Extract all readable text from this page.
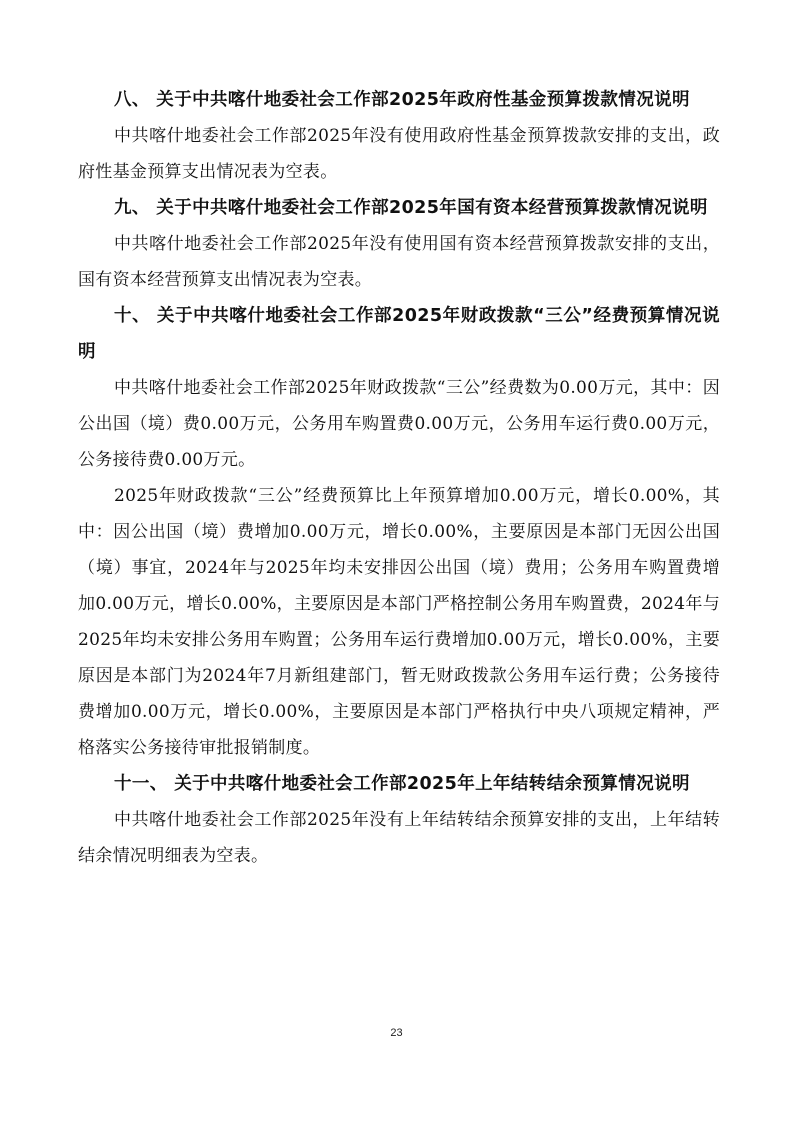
八、 关于中共喀什地委社会工作部2025年政府性基金预算拨款情况说明

中共喀什地委社会工作部2025年没有使用政府性基金预算拨款安排的支出，政府性基金预算支出情况表为空表。

九、 关于中共喀什地委社会工作部2025年国有资本经营预算拨款情况说明

中共喀什地委社会工作部2025年没有使用国有资本经营预算拨款安排的支出，国有资本经营预算支出情况表为空表。

十、 关于中共喀什地委社会工作部2025年财政拨款“三公”经费预算情况说明

中共喀什地委社会工作部2025年财政拨款“三公”经费数为0.00万元，其中：因公出国（境）费0.00万元，公务用车购置费0.00万元，公务用车运行费0.00万元，公务接待费0.00万元。

2025年财政拨款“三公”经费预算比上年预算增加0.00万元，增长0.00%，其中：因公出国（境）费增加0.00万元，增长0.00%，主要原因是本部门无因公出国（境）事宜，2024年与2025年均未安排因公出国（境）费用；公务用车购置费增加0.00万元，增长0.00%，主要原因是本部门严格控制公务用车购置费，2024年与2025年均未安排公务用车购置；公务用车运行费增加0.00万元，增长0.00%，主要原因是本部门为2024年7月新组建部门，暂无财政拨款公务用车运行费；公务接待费增加0.00万元，增长0.00%，主要原因是本部门严格执行中央八项规定精神，严格落实公务接待审批报销制度。

十一、 关于中共喀什地委社会工作部2025年上年结转结余预算情况说明

中共喀什地委社会工作部2025年没有上年结转结余预算安排的支出，上年结转结余情况明细表为空表。

23
